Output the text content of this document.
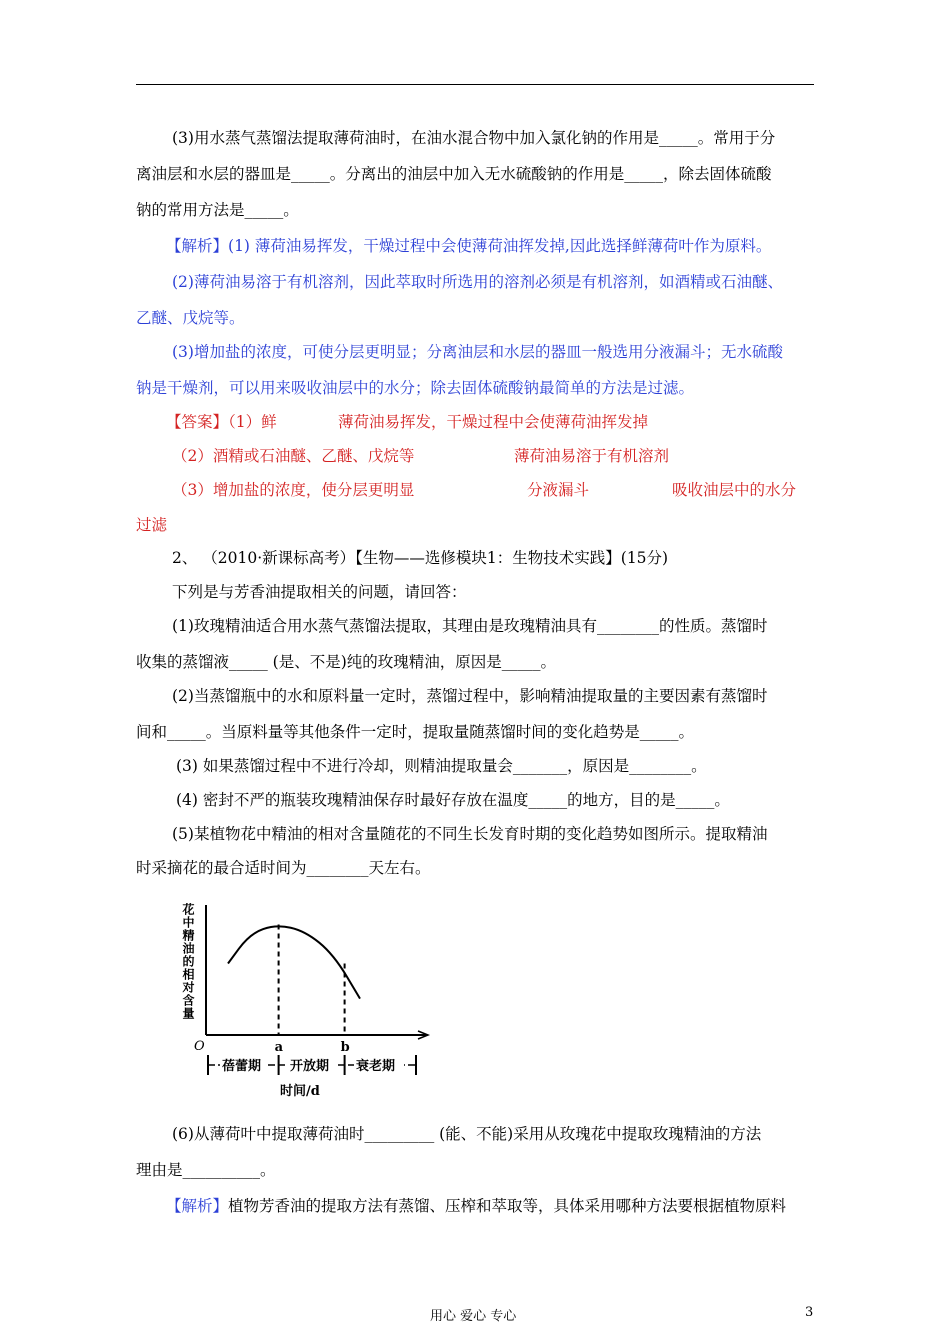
(3)用水蒸气蒸馏法提取薄荷油时，在油水混合物中加入氯化钠的作用是_____。常用于分
离油层和水层的器皿是_____。分离出的油层中加入无水硫酸钠的作用是_____，除去固体硫酸
钠的常用方法是_____。
【解析】(1) 薄荷油易挥发，干燥过程中会使薄荷油挥发掉,因此选择鲜薄荷叶作为原料。
(2)薄荷油易溶于有机溶剂，因此萃取时所选用的溶剂必须是有机溶剂，如酒精或石油醚、
乙醚、戊烷等。
(3)增加盐的浓度，可使分层更明显；分离油层和水层的器皿一般选用分液漏斗；无水硫酸
钠是干燥剂，可以用来吸收油层中的水分；除去固体硫酸钠最简单的方法是过滤。
【答案】（1）鲜	薄荷油易挥发，干燥过程中会使薄荷油挥发掉
（2）酒精或石油醚、乙醚、戊烷等	薄荷油易溶于有机溶剂
（3）增加盐的浓度，使分层更明显	分液漏斗	吸收油层中的水分
过滤
2、 （2010·新课标高考）【生物——选修模块1：生物技术实践】(15分)
下列是与芳香油提取相关的问题，请回答：
(1)玫瑰精油适合用水蒸气蒸馏法提取，其理由是玫瑰精油具有________的性质。蒸馏时
收集的蒸馏液_____ (是、不是)纯的玫瑰精油，原因是_____。
(2)当蒸馏瓶中的水和原料量一定时，蒸馏过程中，影响精油提取量的主要因素有蒸馏时
间和_____。当原料量等其他条件一定时，提取量随蒸馏时间的变化趋势是_____。
(3) 如果蒸馏过程中不进行冷却，则精油提取量会_______，原因是________。
(4) 密封不严的瓶装玫瑰精油保存时最好存放在温度_____的地方，目的是_____。
(5)某植物花中精油的相对含量随花的不同生长发育时期的变化趋势如图所示。提取精油
时采摘花的最合适时间为________天左右。
花中精油的相对含量
O	a	b
蓓蕾期 开放期 衰老期
时间/d
(6)从薄荷叶中提取薄荷油时_________ (能、不能)采用从玫瑰花中提取玫瑰精油的方法
理由是__________。
【解析】植物芳香油的提取方法有蒸馏、压榨和萃取等，具体采用哪种方法要根据植物原料
用心 爱心 专心	3
